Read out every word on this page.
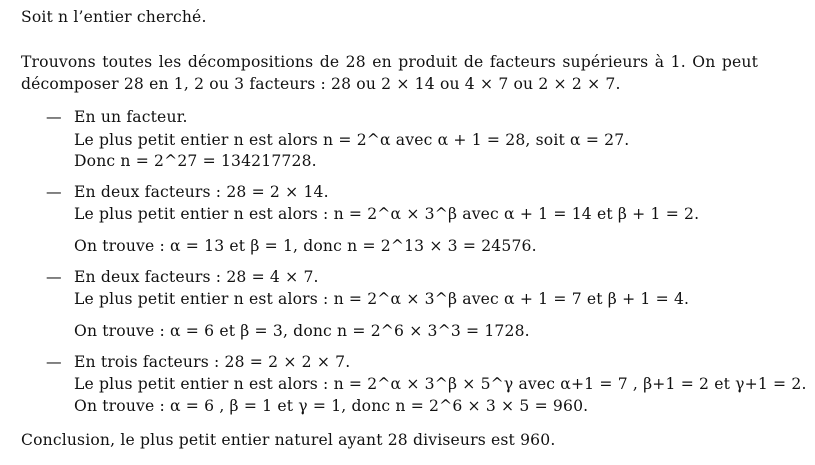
Soit n l’entier cherché.
Trouvons toutes les décompositions de 28 en produit de facteurs supérieurs à 1. On peut
décomposer 28 en 1, 2 ou 3 facteurs : 28 ou 2 × 14 ou 4 × 7 ou 2 × 2 × 7.
— En un facteur.
Le plus petit entier n est alors n = 2^α avec α + 1 = 28, soit α = 27.
Donc n = 2^27 = 134217728.
— En deux facteurs : 28 = 2 × 14.
Le plus petit entier n est alors : n = 2^α × 3^β avec α + 1 = 14 et β + 1 = 2.
On trouve : α = 13 et β = 1, donc n = 2^13 × 3 = 24576.
— En deux facteurs : 28 = 4 × 7.
Le plus petit entier n est alors : n = 2^α × 3^β avec α + 1 = 7 et β + 1 = 4.
On trouve : α = 6 et β = 3, donc n = 2^6 × 3^3 = 1728.
— En trois facteurs : 28 = 2 × 2 × 7.
Le plus petit entier n est alors : n = 2^α × 3^β × 5^γ avec α+1 = 7 , β+1 = 2 et γ+1 = 2.
On trouve : α = 6 , β = 1 et γ = 1, donc n = 2^6 × 3 × 5 = 960.
Conclusion, le plus petit entier naturel ayant 28 diviseurs est 960.
